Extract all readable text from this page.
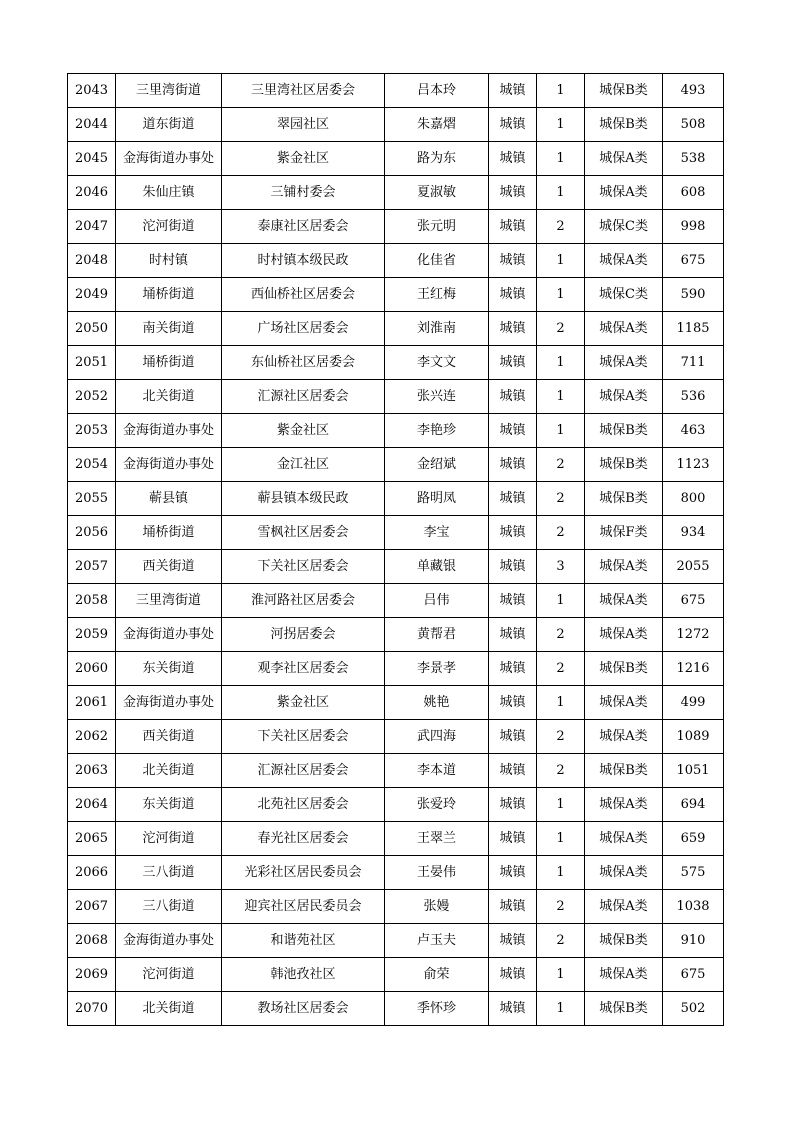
2043	三里湾街道	三里湾社区居委会	吕本玲	城镇	1	城保B类	493
2044	道东街道	翠园社区	朱嘉熠	城镇	1	城保B类	508
2045	金海街道办事处	紫金社区	路为东	城镇	1	城保A类	538
2046	朱仙庄镇	三铺村委会	夏淑敏	城镇	1	城保A类	608
2047	沱河街道	泰康社区居委会	张元明	城镇	2	城保C类	998
2048	时村镇	时村镇本级民政	化佳省	城镇	1	城保A类	675
2049	埇桥街道	西仙桥社区居委会	王红梅	城镇	1	城保C类	590
2050	南关街道	广场社区居委会	刘淮南	城镇	2	城保A类	1185
2051	埇桥街道	东仙桥社区居委会	李文文	城镇	1	城保A类	711
2052	北关街道	汇源社区居委会	张兴连	城镇	1	城保A类	536
2053	金海街道办事处	紫金社区	李艳珍	城镇	1	城保B类	463
2054	金海街道办事处	金江社区	金绍斌	城镇	2	城保B类	1123
2055	蕲县镇	蕲县镇本级民政	路明凤	城镇	2	城保B类	800
2056	埇桥街道	雪枫社区居委会	李宝	城镇	2	城保F类	934
2057	西关街道	下关社区居委会	单藏银	城镇	3	城保A类	2055
2058	三里湾街道	淮河路社区居委会	吕伟	城镇	1	城保A类	675
2059	金海街道办事处	河拐居委会	黄帮君	城镇	2	城保A类	1272
2060	东关街道	观李社区居委会	李景孝	城镇	2	城保B类	1216
2061	金海街道办事处	紫金社区	姚艳	城镇	1	城保A类	499
2062	西关街道	下关社区居委会	武四海	城镇	2	城保A类	1089
2063	北关街道	汇源社区居委会	李本道	城镇	2	城保B类	1051
2064	东关街道	北苑社区居委会	张爱玲	城镇	1	城保A类	694
2065	沱河街道	春光社区居委会	王翠兰	城镇	1	城保A类	659
2066	三八街道	光彩社区居民委员会	王晏伟	城镇	1	城保A类	575
2067	三八街道	迎宾社区居民委员会	张嫚	城镇	2	城保A类	1038
2068	金海街道办事处	和谐苑社区	卢玉夫	城镇	2	城保B类	910
2069	沱河街道	韩池孜社区	俞荣	城镇	1	城保A类	675
2070	北关街道	教场社区居委会	季怀珍	城镇	1	城保B类	502
